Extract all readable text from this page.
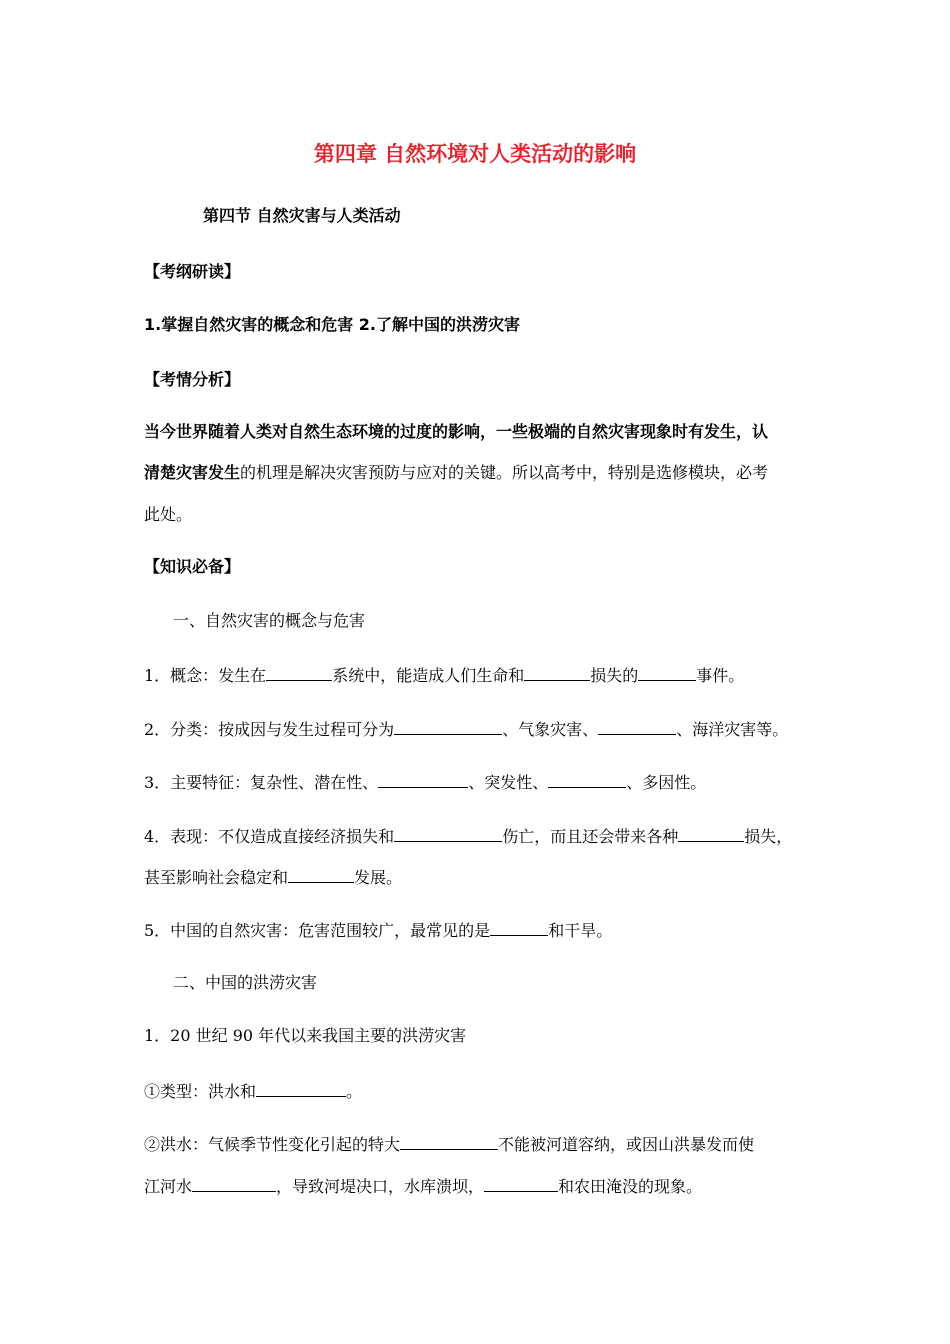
第四章 自然环境对人类活动的影响
第四节 自然灾害与人类活动
【考纲研读】
1.掌握自然灾害的概念和危害 2.了解中国的洪涝灾害
【考情分析】
当今世界随着人类对自然生态环境的过度的影响，一些极端的自然灾害现象时有发生，认
清楚灾害发生的机理是解决灾害预防与应对的关键。所以高考中，特别是选修模块，必考
此处。
【知识必备】
一、自然灾害的概念与危害
1．概念：发生在	系统中，能造成人们生命和	损失的	事件。
2．分类：按成因与发生过程可分为	、气象灾害、	、海洋灾害等。
3．主要特征：复杂性、潜在性、	、突发性、	、多因性。
4．表现：不仅造成直接经济损失和	伤亡，而且还会带来各种	损失，
甚至影响社会稳定和	发展。
5．中国的自然灾害：危害范围较广，最常见的是	和干旱。
二、中国的洪涝灾害
1．20 世纪 90 年代以来我国主要的洪涝灾害
①类型：洪水和	。
②洪水：气候季节性变化引起的特大	不能被河道容纳，或因山洪暴发而使
江河水	，导致河堤决口，水库溃坝，	和农田淹没的现象。
